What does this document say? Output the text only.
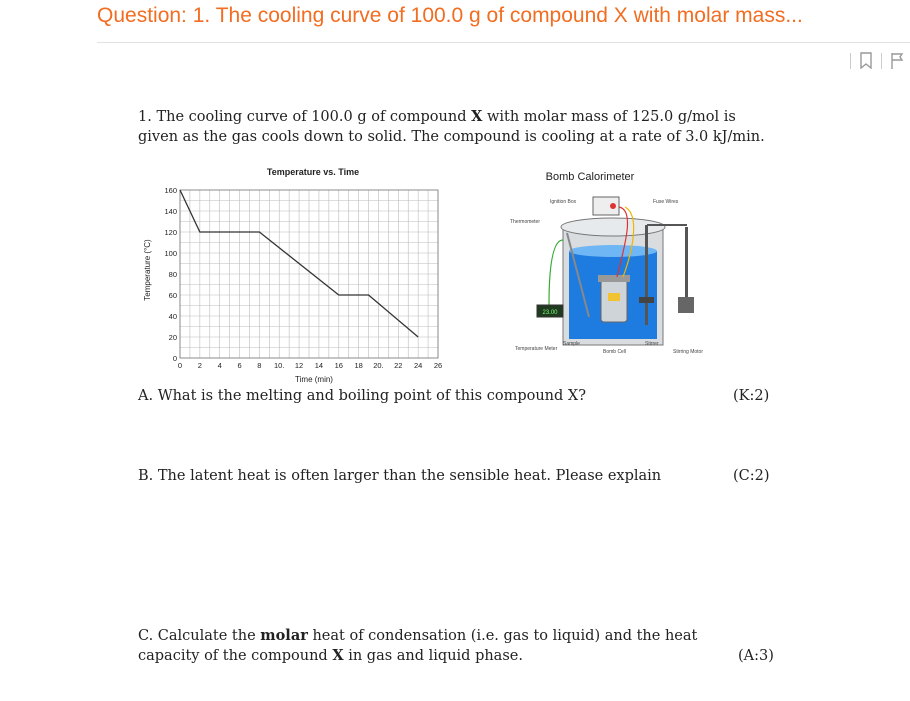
Question: 1. The cooling curve of 100.0 g of compound X with molar mass...
1. The cooling curve of 100.0 g of compound X with molar mass of 125.0 g/mol is
given as the gas cools down to solid. The compound is cooling at a rate of 3.0 kJ/min.
Temperature vs. Time
0
20
40
60
80
100
120
140
160
0 2 4 6 8 10. 12 14 16 18 20. 22 24 26
Time (min)
Temperature (°C)
Bomb Calorimeter
23.00
Ignition Box	Fuse Wires
Thermometer
Sample	Stirrer
Temperature Meter	Bomb Cell	Stirring Motor
A. What is the melting and boiling point of this compound X?	(K:2)
B. The latent heat is often larger than the sensible heat. Please explain	(C:2)
C. Calculate the molar heat of condensation (i.e. gas to liquid) and the heat
capacity of the compound X in gas and liquid phase.	(A:3)
